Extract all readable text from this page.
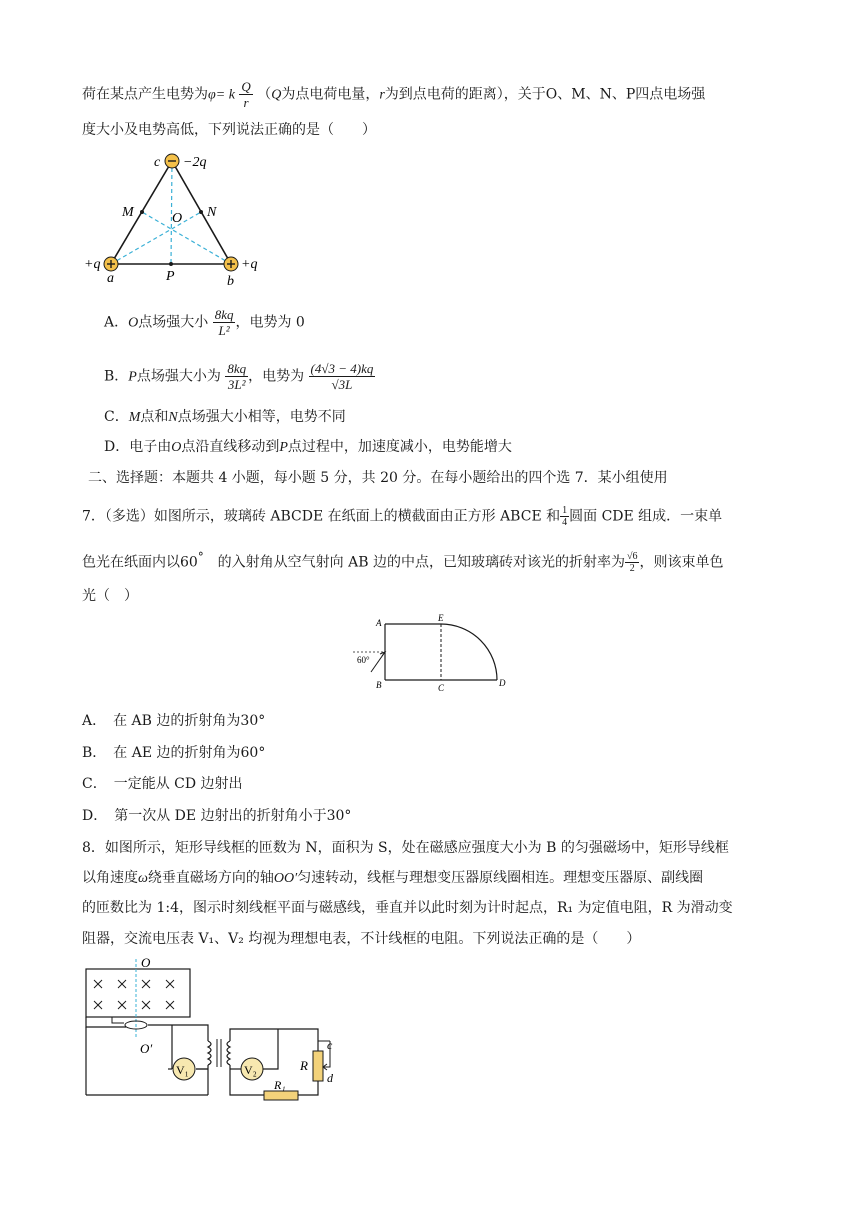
荷在某点产生电势为φ= k $\frac{Q}{r} (Q$为点电荷电量，r为到点电荷的距离），关于O、M、N、P四点电场强
度大小及电势高低，下列说法正确的是（　　）
c −2q
M	N
O
+q
a	P
+q
b
A．O点场强大小 $\frac{8kq}{\text{L²}}$ ，电势为 0
B．P点场强大小为 $\frac{8kq}{\text{3L²}}$ ，电势为 $\frac{(4√3 - 4)kq}{√3L}$
C．M点和N点场强大小相等，电势不同
D．电子由O点沿直线移动到P点过程中，加速度减小，电势能增大
二、选择题：本题共 4 小题，每小题 5 分，共 20 分。在每小题给出的四个选 7．某小组使用
7．（多选）如图所示，玻璃砖 ABCDE 在纸面上的横截面由正方形 ABCE 和 $\frac{1}{4}$ 圆面 CDE 组成．一束单
色光在纸面内以60°　的入射角从空气射向 AB 边的中点，已知玻璃砖对该光的折射率为 $\frac{√6}{2}$ ，则该束单色
光（　）
A
B	C	D
E
60°
A．　在 AB 边的折射角为30°
B．　在 AE 边的折射角为60°
C．　一定能从 CD 边射出
D．　第一次从 DE 边射出的折射角小于30°
8．如图所示，矩形导线框的匝数为 N，面积为 S，处在磁感应强度大小为 B 的匀强磁场中，矩形导线框
以角速度ω绕垂直磁场方向的轴OO′匀速转动，线框与理想变压器原线圈相连。理想变压器原、副线圈
的匝数比为 1:4，图示时刻线框平面与磁感线，垂直并以此时刻为计时起点，R₁ 为定值电阻，R 为滑动变
阻器，交流电压表 V₁、V₂ 均视为理想电表，不计线框的电阻。下列说法正确的是（　　）
O
O′
V₁	V₂
R₁
R
c
d
